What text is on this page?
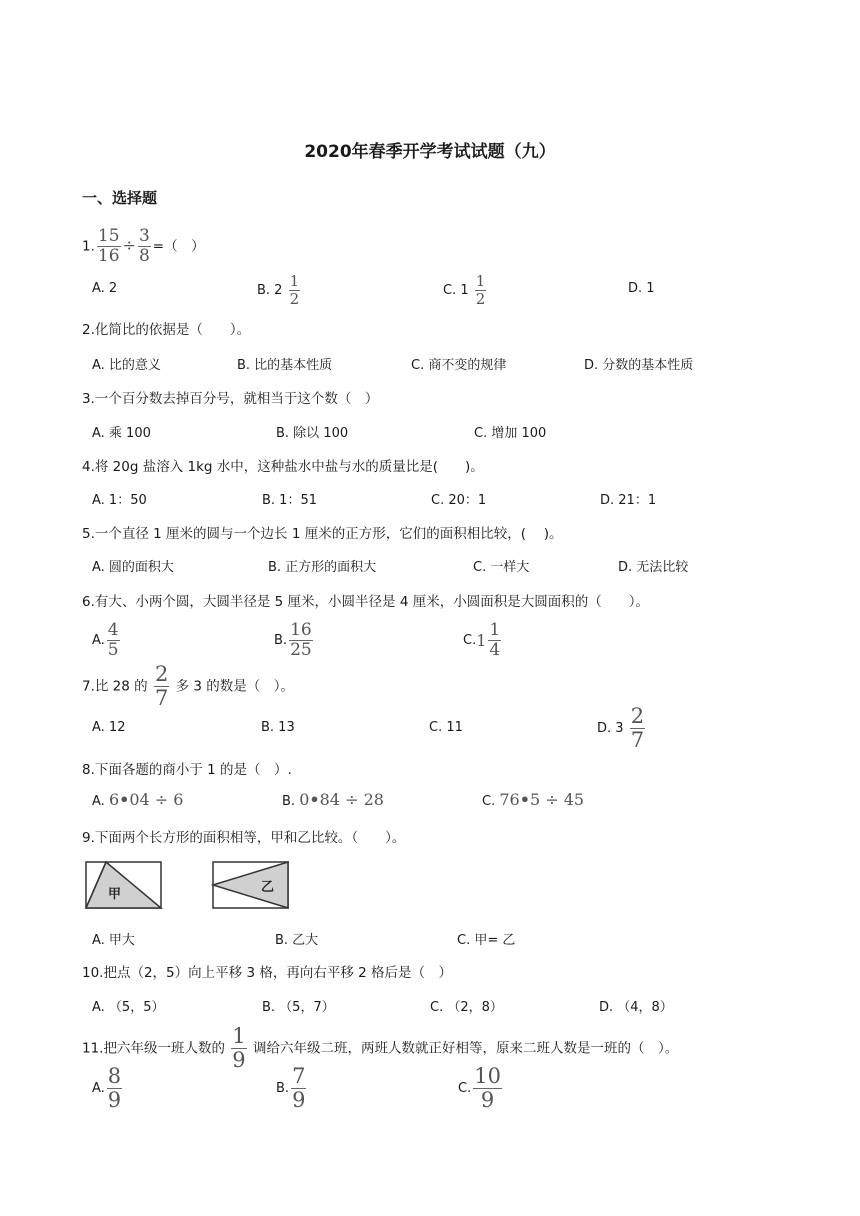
2020年春季开学考试试题（九）
一、选择题
1. $\frac{15}{16} \div \frac{3}{8}$ =（　）
A. 2	B. $2 \frac{1}{2}$	C. $1 \frac{1}{2}$	D. 1
2.化简比的依据是（　　）。
A. 比的意义	B. 比的基本性质	C. 商不变的规律	D. 分数的基本性质
3.一个百分数去掉百分号，就相当于这个数（　）
A. 乘 100	B. 除以 100	C. 增加 100
4.将 20g 盐溶入 1kg 水中，这种盐水中盐与水的质量比是(　　)。
A. 1：50	B. 1：51	C. 20：1	D. 21：1
5.一个直径 1 厘米的圆与一个边长 1 厘米的正方形，它们的面积相比较，(　 )。
A. 圆的面积大	B. 正方形的面积大	C. 一样大	D. 无法比较
6.有大、小两个圆，大圆半径是 5 厘米，小圆半径是 4 厘米，小圆面积是大圆面积的（　　）。
A. $\frac{4}{5}$	B. $\frac{16}{25}$	$C.1 \frac{1}{4}$
7.比 28 的 $\frac{2}{7}$ 多 3 的数是（　）。
A. 12	B. 13	C. 11	D. $3 \frac{2}{7}$
8.下面各题的商小于 1 的是（　）.
A. 6•04 ÷ 6	B. 0•84 ÷ 28	C. 76•5 ÷ 45
9.下面两个长方形的面积相等，甲和乙比较。（　　）。
甲	乙
A. 甲大	B. 乙大	C. 甲= 乙
10.把点（2，5）向上平移 3 格，再向右平移 2 格后是（　）
A. （5，5）	B. （5，7）	C. （2，8）	D. （4，8）
11.把六年级一班人数的 $\frac{1}{9}$ 调给六年级二班，两班人数就正好相等，原来二班人数是一班的（　）。
A. $\frac{8}{9}$	B. $\frac{7}{9}$	C. $\frac{10}{9}$
